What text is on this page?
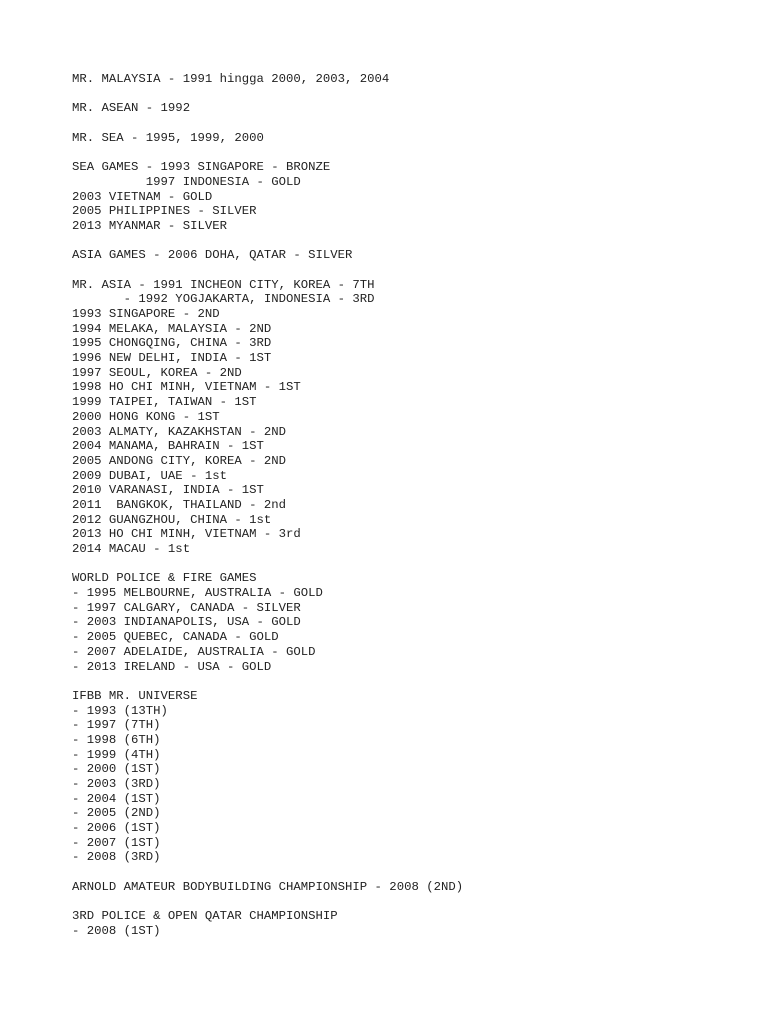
MR. MALAYSIA - 1991 hingga 2000, 2003, 2004
MR. ASEAN - 1992
MR. SEA - 1995, 1999, 2000
SEA GAMES - 1993 SINGAPORE - BRONZE
1997 INDONESIA - GOLD
2003 VIETNAM - GOLD
2005 PHILIPPINES - SILVER
2013 MYANMAR - SILVER
ASIA GAMES - 2006 DOHA, QATAR - SILVER
MR. ASIA - 1991 INCHEON CITY, KOREA - 7TH
- 1992 YOGJAKARTA, INDONESIA - 3RD
1993 SINGAPORE - 2ND
1994 MELAKA, MALAYSIA - 2ND
1995 CHONGQING, CHINA - 3RD
1996 NEW DELHI, INDIA - 1ST
1997 SEOUL, KOREA - 2ND
1998 HO CHI MINH, VIETNAM - 1ST
1999 TAIPEI, TAIWAN - 1ST
2000 HONG KONG - 1ST
2003 ALMATY, KAZAKHSTAN - 2ND
2004 MANAMA, BAHRAIN - 1ST
2005 ANDONG CITY, KOREA - 2ND
2009 DUBAI, UAE - 1st
2010 VARANASI, INDIA - 1ST
2011  BANGKOK, THAILAND - 2nd
2012 GUANGZHOU, CHINA - 1st
2013 HO CHI MINH, VIETNAM - 3rd
2014 MACAU - 1st
WORLD POLICE & FIRE GAMES
- 1995 MELBOURNE, AUSTRALIA - GOLD
- 1997 CALGARY, CANADA - SILVER
- 2003 INDIANAPOLIS, USA - GOLD
- 2005 QUEBEC, CANADA - GOLD
- 2007 ADELAIDE, AUSTRALIA - GOLD
- 2013 IRELAND - USA - GOLD
IFBB MR. UNIVERSE
- 1993 (13TH)
- 1997 (7TH)
- 1998 (6TH)
- 1999 (4TH)
- 2000 (1ST)
- 2003 (3RD)
- 2004 (1ST)
- 2005 (2ND)
- 2006 (1ST)
- 2007 (1ST)
- 2008 (3RD)
ARNOLD AMATEUR BODYBUILDING CHAMPIONSHIP - 2008 (2ND)
3RD POLICE & OPEN QATAR CHAMPIONSHIP
- 2008 (1ST)
